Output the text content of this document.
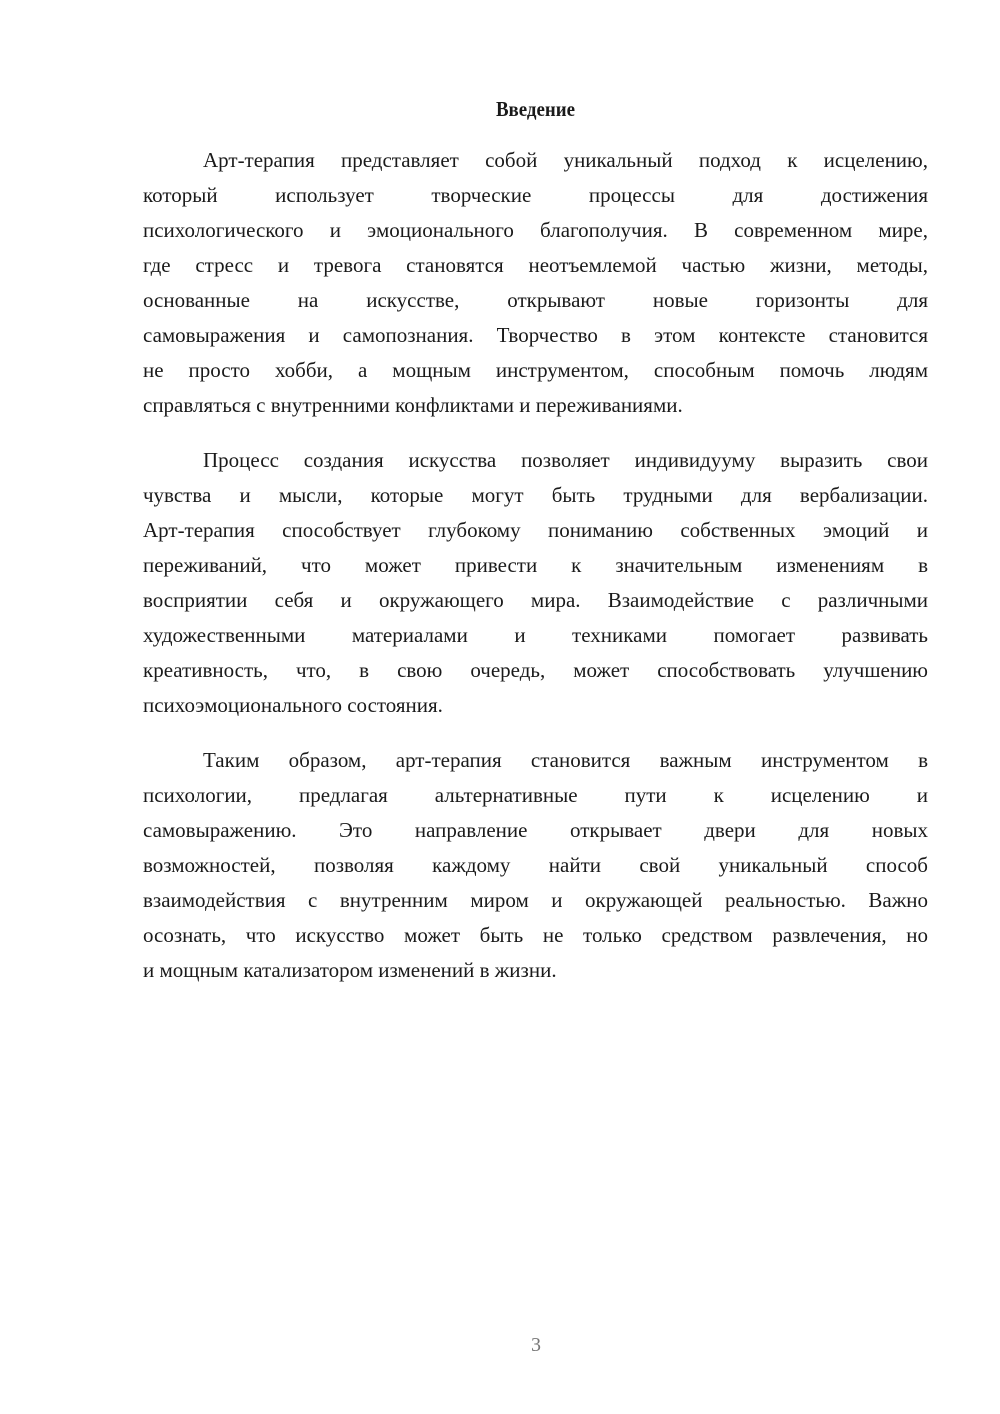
Введение
Арт-терапия представляет собой уникальный подход к исцелению,
который использует творческие процессы для достижения
психологического и эмоционального благополучия. В современном мире,
где стресс и тревога становятся неотъемлемой частью жизни, методы,
основанные на искусстве, открывают новые горизонты для
самовыражения и самопознания. Творчество в этом контексте становится
не просто хобби, а мощным инструментом, способным помочь людям
справляться с внутренними конфликтами и переживаниями.
Процесс создания искусства позволяет индивидууму выразить свои
чувства и мысли, которые могут быть трудными для вербализации.
Арт-терапия способствует глубокому пониманию собственных эмоций и
переживаний, что может привести к значительным изменениям в
восприятии себя и окружающего мира. Взаимодействие с различными
художественными материалами и техниками помогает развивать
креативность, что, в свою очередь, может способствовать улучшению
психоэмоционального состояния.
Таким образом, арт-терапия становится важным инструментом в
психологии, предлагая альтернативные пути к исцелению и
самовыражению. Это направление открывает двери для новых
возможностей, позволяя каждому найти свой уникальный способ
взаимодействия с внутренним миром и окружающей реальностью. Важно
осознать, что искусство может быть не только средством развлечения, но
и мощным катализатором изменений в жизни.
3
